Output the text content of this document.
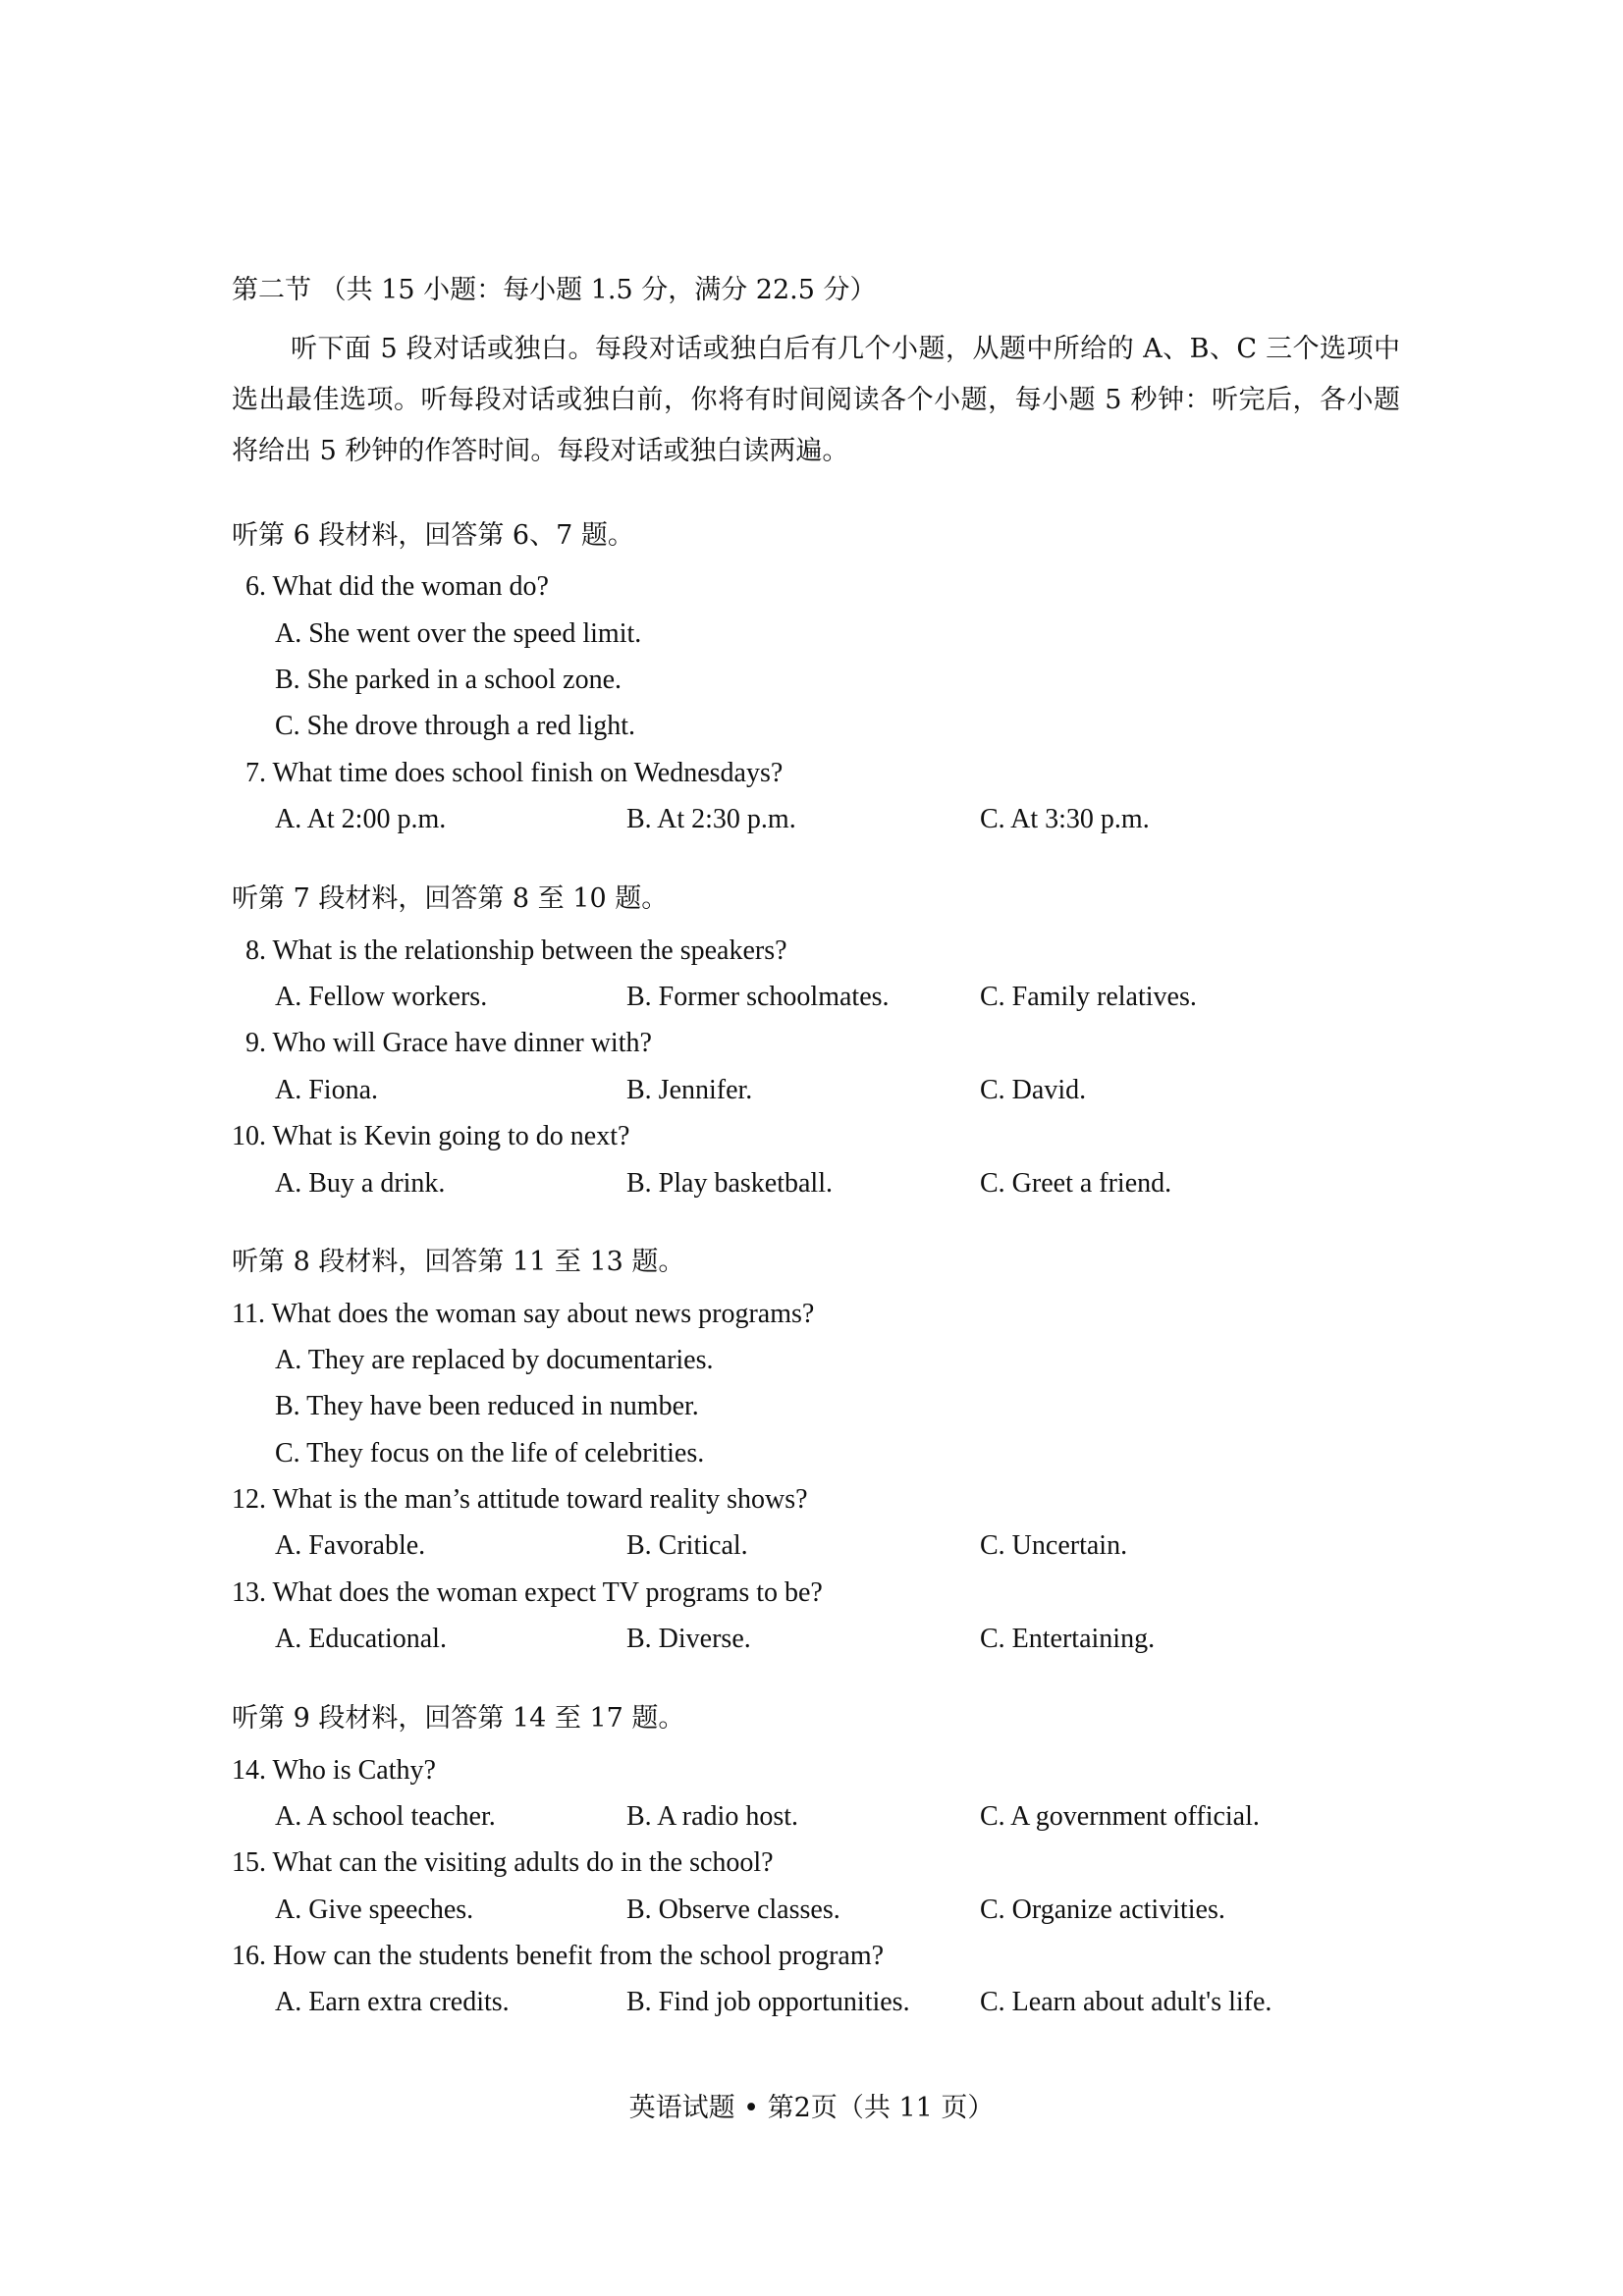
第二节 （共 15 小题：每小题 1.5 分，满分 22.5 分）
听下面 5 段对话或独白。每段对话或独白后有几个小题，从题中所给的 A、B、C 三个选项中选出最佳选项。听每段对话或独白前，你将有时间阅读各个小题，每小题 5 秒钟：听完后，各小题将给出 5 秒钟的作答时间。每段对话或独白读两遍。
听第 6 段材料，回答第 6、7 题。
6. What did the woman do?
A. She went over the speed limit.
B. She parked in a school zone.
C. She drove through a red light.
7. What time does school finish on Wednesdays?
A. At 2:00 p.m.	B. At 2:30 p.m.	C. At 3:30 p.m.
听第 7 段材料，回答第 8 至 10 题。
8. What is the relationship between the speakers?
A. Fellow workers.	B. Former schoolmates.	C. Family relatives.
9. Who will Grace have dinner with?
A. Fiona.	B. Jennifer.	C. David.
10. What is Kevin going to do next?
A. Buy a drink.	B. Play basketball.	C. Greet a friend.
听第 8 段材料，回答第 11 至 13 题。
11. What does the woman say about news programs?
A. They are replaced by documentaries.
B. They have been reduced in number.
C. They focus on the life of celebrities.
12. What is the man’s attitude toward reality shows?
A. Favorable.	B. Critical.	C. Uncertain.
13. What does the woman expect TV programs to be?
A. Educational.	B. Diverse.	C. Entertaining.
听第 9 段材料，回答第 14 至 17 题。
14. Who is Cathy?
A. A school teacher.	B. A radio host.	C. A government official.
15. What can the visiting adults do in the school?
A. Give speeches.	B. Observe classes.	C. Organize activities.
16. How can the students benefit from the school program?
A. Earn extra credits.	B. Find job opportunities.	C. Learn about adult's life.
英语试题 • 第2页（共 11 页）
